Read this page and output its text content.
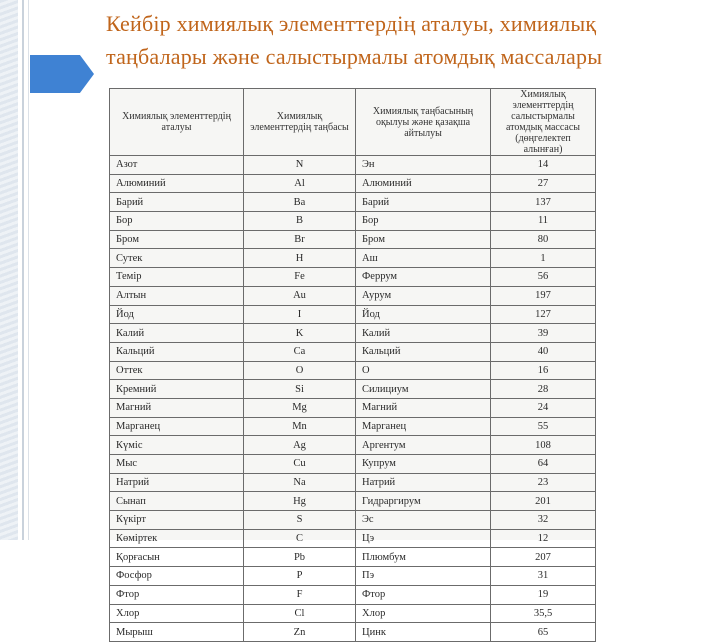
Кейбір химиялық элементтердің аталуы, химиялық
таңбалары және салыстырмалы атомдық массалары
Химиялық элементтердің аталуы	Химиялық элементтердің таңбасы	Химиялық таңбасының оқылуы және қазақша айтылуы	Химиялық элементтердің салыстырмалы атомдық массасы (дөңгелектеп алынған)
Азот	N	Эн	14
Алюминий	Al	Алюминий	27
Барий	Ba	Барий	137
Бор	B	Бор	11
Бром	Br	Бром	80
Сутек	H	Аш	1
Темір	Fe	Феррум	56
Алтын	Au	Аурум	197
Йод	I	Йод	127
Калий	K	Калий	39
Кальций	Ca	Кальций	40
Оттек	O	О	16
Кремний	Si	Силициум	28
Магний	Mg	Магний	24
Марганец	Mn	Марганец	55
Күміс	Ag	Аргентум	108
Мыс	Cu	Купрум	64
Натрий	Na	Натрий	23
Сынап	Hg	Гидраргирум	201
Күкірт	S	Эс	32
Көміртек	C	Цэ	12
Қорғасын	Pb	Плюмбум	207
Фосфор	P	Пэ	31
Фтор	F	Фтор	19
Хлор	Cl	Хлор	35,5
Мырыш	Zn	Цинк	65
